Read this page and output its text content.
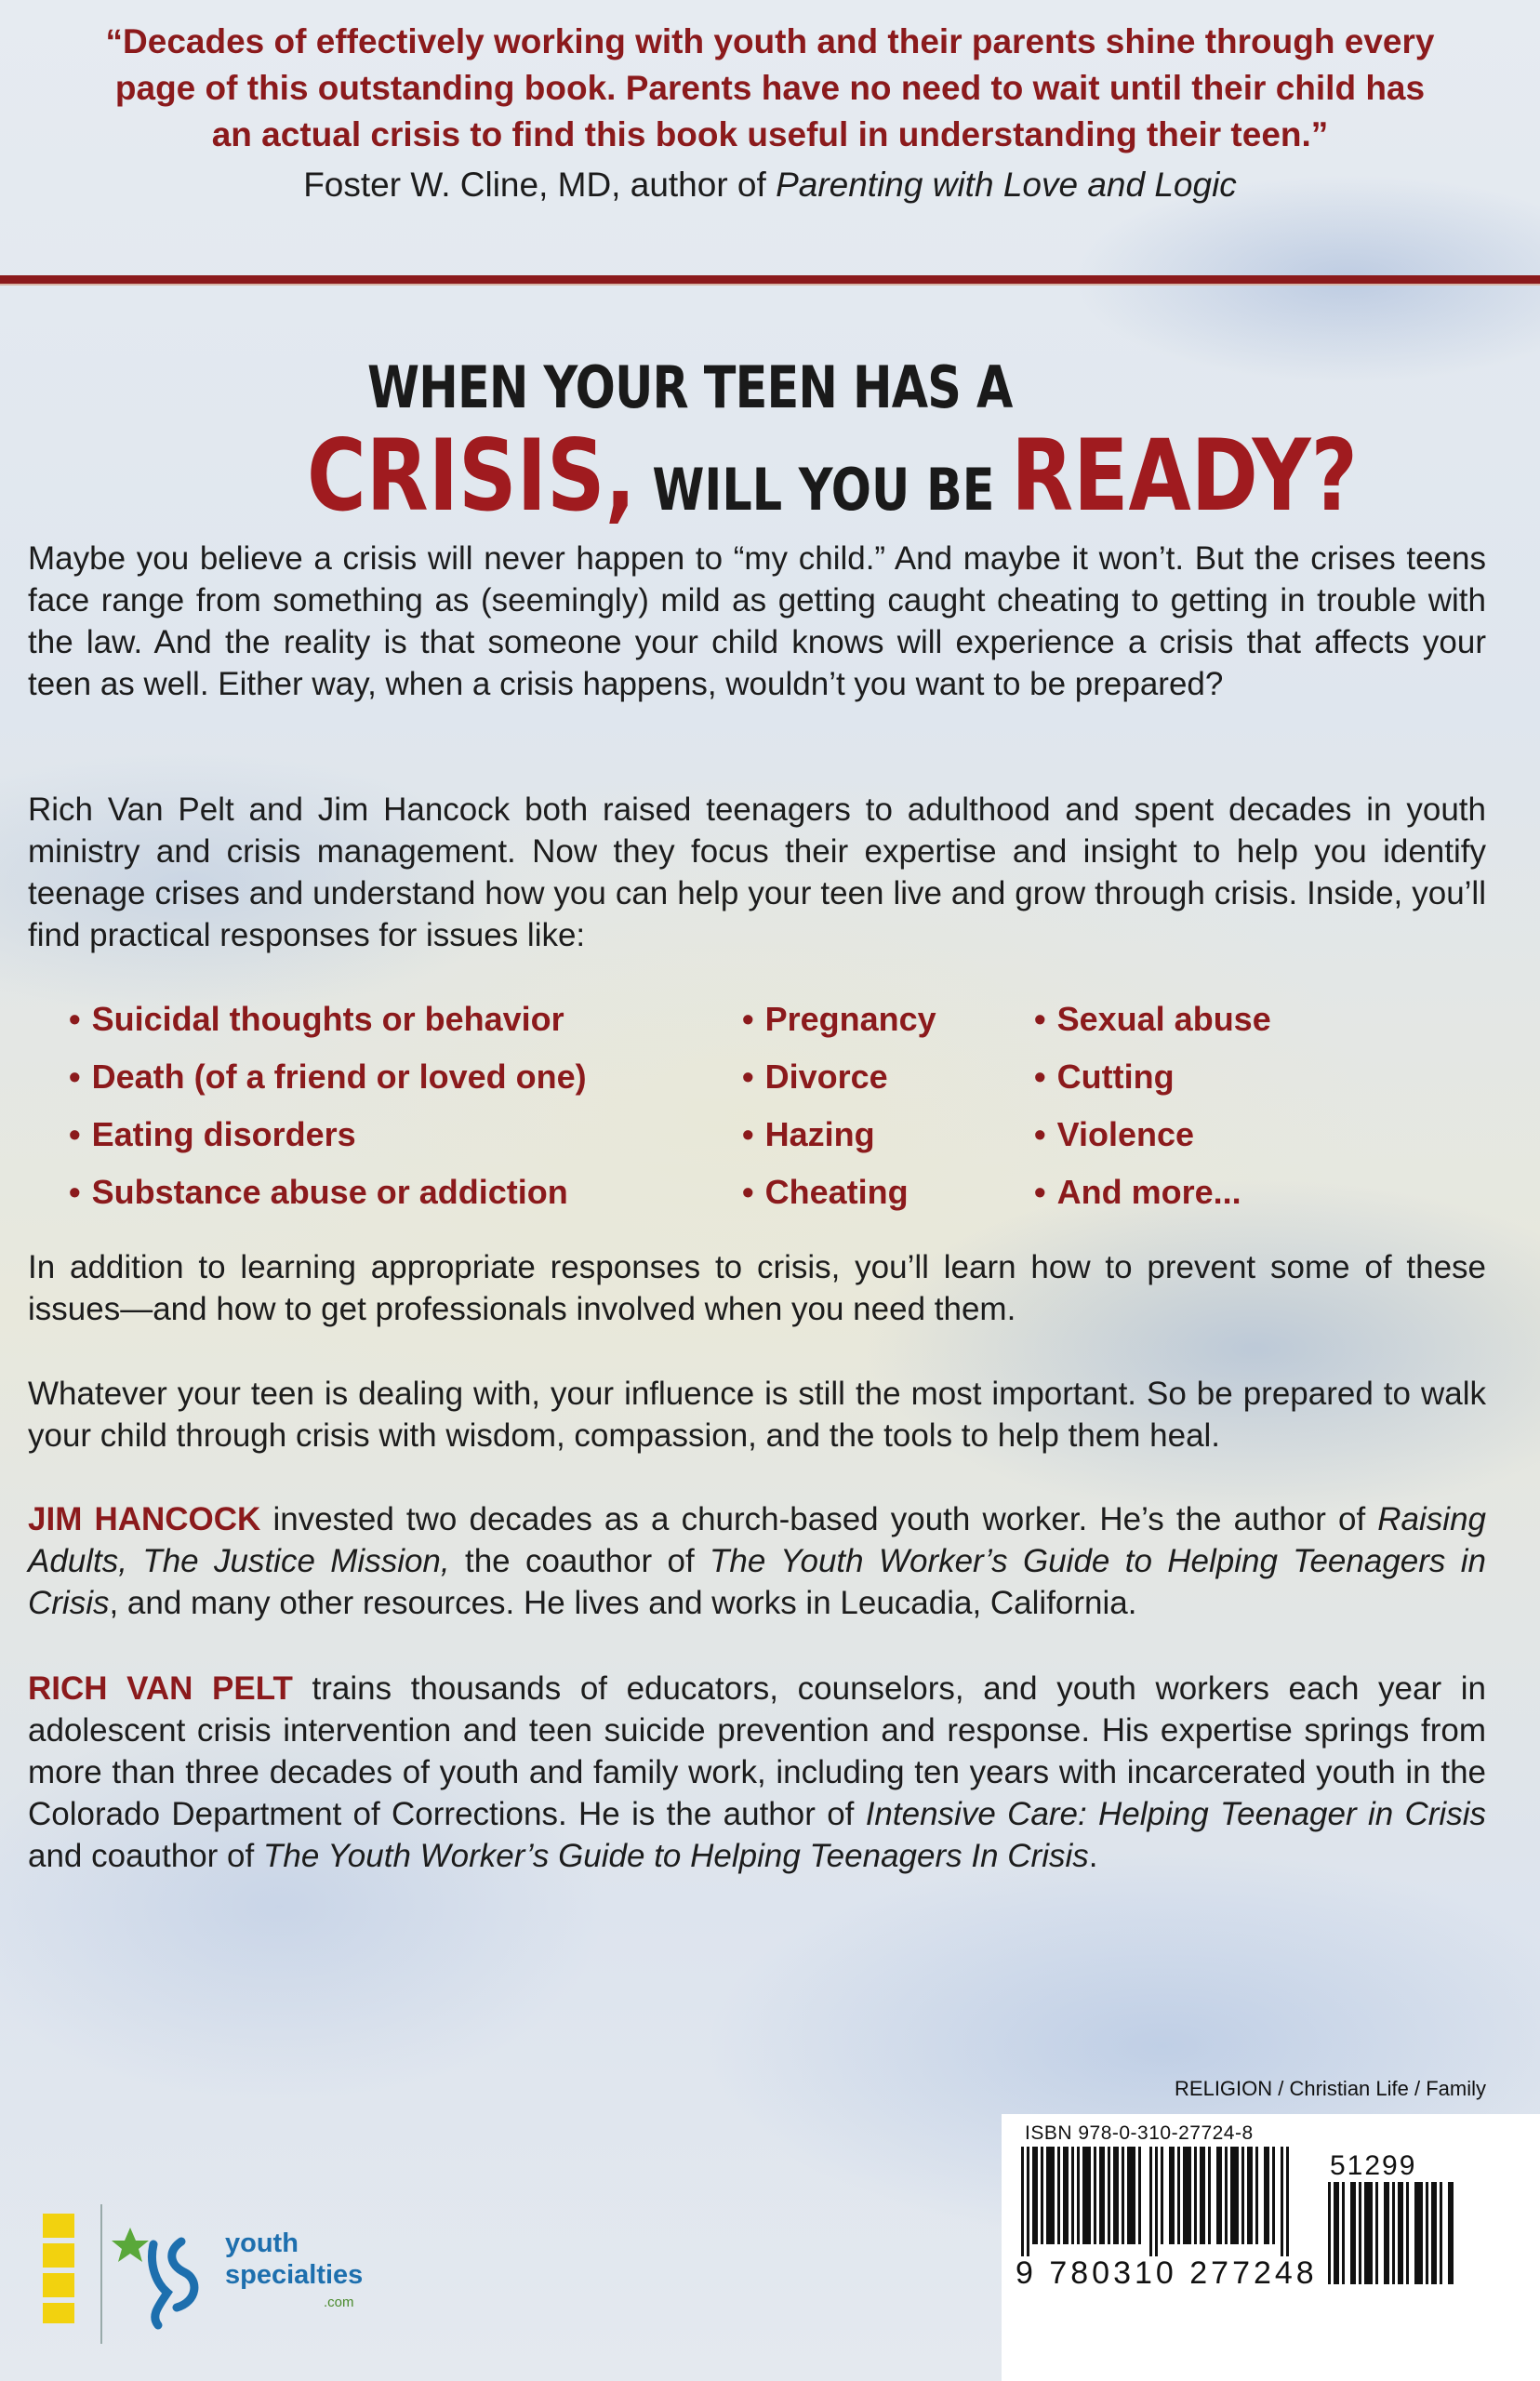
“Decades of effectively working with youth and their parents shine through every

page of this outstanding book. Parents have no need to wait until their child has

an actual crisis to find this book useful in understanding their teen.”

Foster W. Cline, MD, author of Parenting with Love and Logic

WHEN YOUR TEEN HAS A
CRISIS, WILL YOU BE READY?

Maybe you believe a crisis will never happen to “my child.” And maybe it won’t. But the crises teens face range from something as (seemingly) mild as getting caught cheating to getting in trouble with the law. And the reality is that someone your child knows will experience a crisis that affects your teen as well. Either way, when a crisis happens, wouldn’t you want to be prepared?

Rich Van Pelt and Jim Hancock both raised teenagers to adulthood and spent decades in youth ministry and crisis management. Now they focus their expertise and insight to help you identify teenage crises and understand how you can help your teen live and grow through crisis. Inside, you’ll find practical responses for issues like:

• Suicidal thoughts or behavior
• Death (of a friend or loved one)
• Eating disorders
• Substance abuse or addiction
• Pregnancy
• Divorce
• Hazing
• Cheating
• Sexual abuse
• Cutting
• Violence
• And more...

In addition to learning appropriate responses to crisis, you’ll learn how to prevent some of these issues—and how to get professionals involved when you need them.

Whatever your teen is dealing with, your influence is still the most important. So be prepared to walk your child through crisis with wisdom, compassion, and the tools to help them heal.

JIM HANCOCK invested two decades as a church-based youth worker. He’s the author of Raising Adults, The Justice Mission, the coauthor of The Youth Worker’s Guide to Helping Teenagers in Crisis, and many other resources. He lives and works in Leucadia, California.

RICH VAN PELT trains thousands of educators, counselors, and youth workers each year in adolescent crisis intervention and teen suicide prevention and response. His expertise springs from more than three decades of youth and family work, including ten years with incarcerated youth in the Colorado Department of Corrections. He is the author of Intensive Care: Helping Teenager in Crisis and coauthor of The Youth Worker’s Guide to Helping Teenagers In Crisis.

RELIGION / Christian Life / Family
ISBN 978-0-310-27724-8
51299
9 780310 277248
youth
specialties
.com
